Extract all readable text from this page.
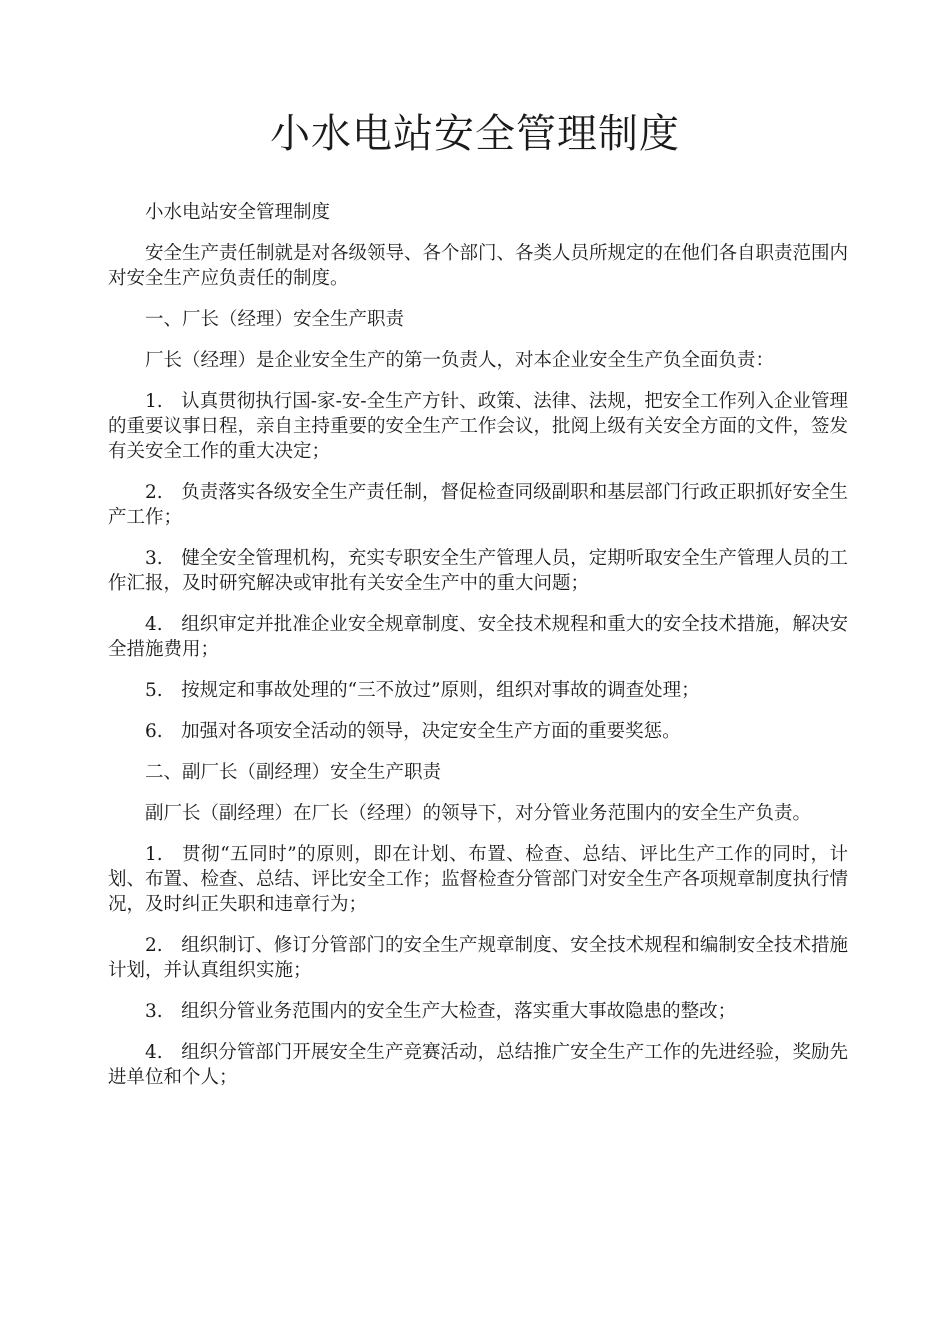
小水电站安全管理制度

小水电站安全管理制度

安全生产责任制就是对各级领导、各个部门、各类人员所规定的在他们各自职责范围内对安全生产应负责任的制度。

一、厂长（经理）安全生产职责

厂长（经理）是企业安全生产的第一负责人，对本企业安全生产负全面负责：

1.　认真贯彻执行国-家-安-全生产方针、政策、法律、法规，把安全工作列入企业管理的重要议事日程，亲自主持重要的安全生产工作会议，批阅上级有关安全方面的文件，签发有关安全工作的重大决定；

2.　负责落实各级安全生产责任制，督促检查同级副职和基层部门行政正职抓好安全生产工作；

3.　健全安全管理机构，充实专职安全生产管理人员，定期听取安全生产管理人员的工作汇报，及时研究解决或审批有关安全生产中的重大问题；

4.　组织审定并批准企业安全规章制度、安全技术规程和重大的安全技术措施，解决安全措施费用；

5.　按规定和事故处理的“三不放过”原则，组织对事故的调查处理；

6.　加强对各项安全活动的领导，决定安全生产方面的重要奖惩。

二、副厂长（副经理）安全生产职责

副厂长（副经理）在厂长（经理）的领导下，对分管业务范围内的安全生产负责。

1.　贯彻“五同时”的原则，即在计划、布置、检查、总结、评比生产工作的同时，计划、布置、检查、总结、评比安全工作；监督检查分管部门对安全生产各项规章制度执行情况，及时纠正失职和违章行为；

2.　组织制订、修订分管部门的安全生产规章制度、安全技术规程和编制安全技术措施计划，并认真组织实施；

3.　组织分管业务范围内的安全生产大检查，落实重大事故隐患的整改；

4.　组织分管部门开展安全生产竞赛活动，总结推广安全生产工作的先进经验，奖励先进单位和个人；
